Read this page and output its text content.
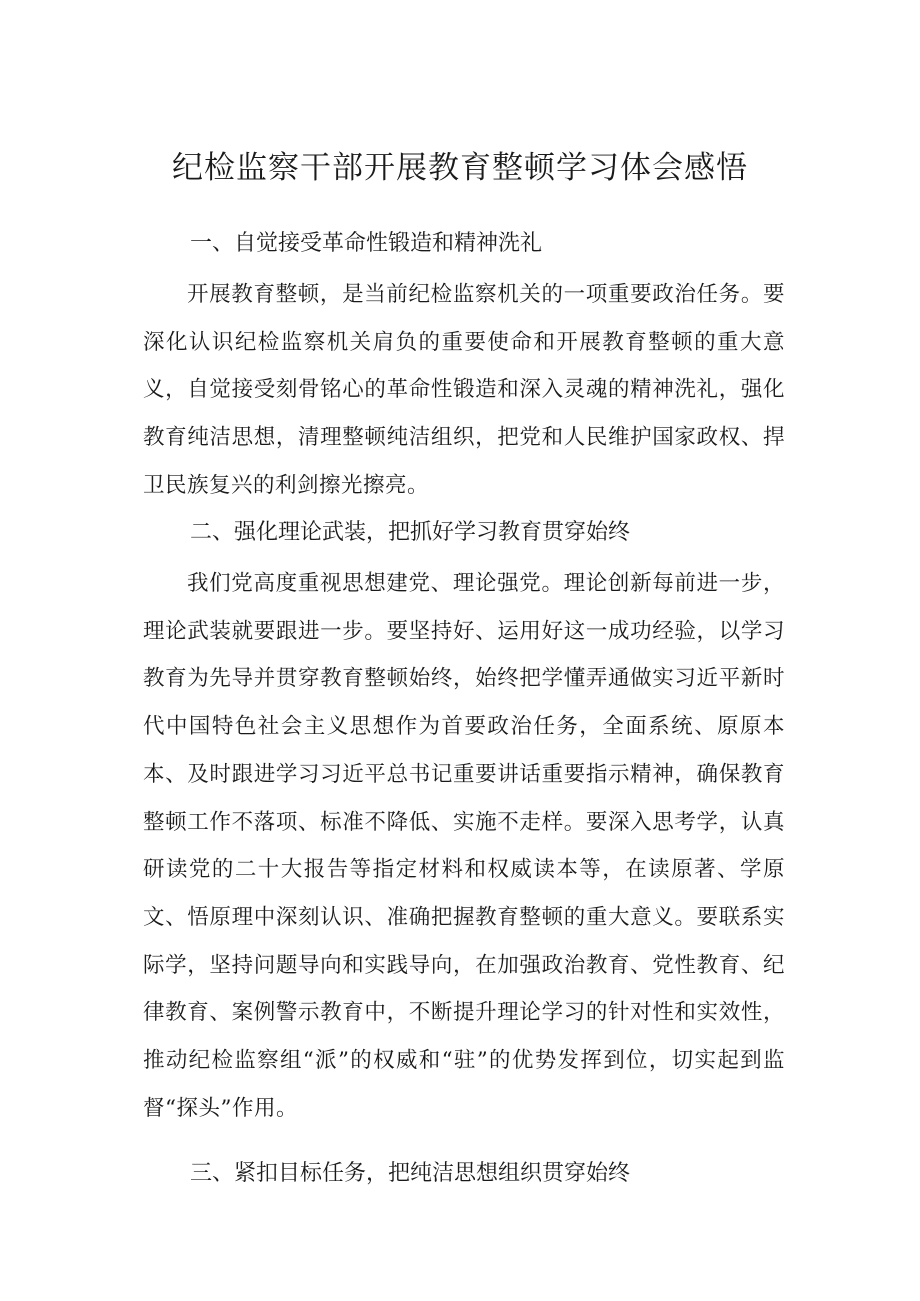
纪检监察干部开展教育整顿学习体会感悟
一、自觉接受革命性锻造和精神洗礼

开展教育整顿，是当前纪检监察机关的一项重要政治任务。要深化认识纪检监察机关肩负的重要使命和开展教育整顿的重大意义，自觉接受刻骨铭心的革命性锻造和深入灵魂的精神洗礼，强化教育纯洁思想，清理整顿纯洁组织，把党和人民维护国家政权、捍卫民族复兴的利剑擦光擦亮。

二、强化理论武装，把抓好学习教育贯穿始终

我们党高度重视思想建党、理论强党。理论创新每前进一步，理论武装就要跟进一步。要坚持好、运用好这一成功经验，以学习教育为先导并贯穿教育整顿始终，始终把学懂弄通做实习近平新时代中国特色社会主义思想作为首要政治任务，全面系统、原原本本、及时跟进学习习近平总书记重要讲话重要指示精神，确保教育整顿工作不落项、标准不降低、实施不走样。要深入思考学，认真研读党的二十大报告等指定材料和权威读本等，在读原著、学原文、悟原理中深刻认识、准确把握教育整顿的重大意义。要联系实际学，坚持问题导向和实践导向，在加强政治教育、党性教育、纪律教育、案例警示教育中，不断提升理论学习的针对性和实效性，推动纪检监察组“派”的权威和“驻”的优势发挥到位，切实起到监督“探头”作用。

三、紧扣目标任务，把纯洁思想组织贯穿始终
